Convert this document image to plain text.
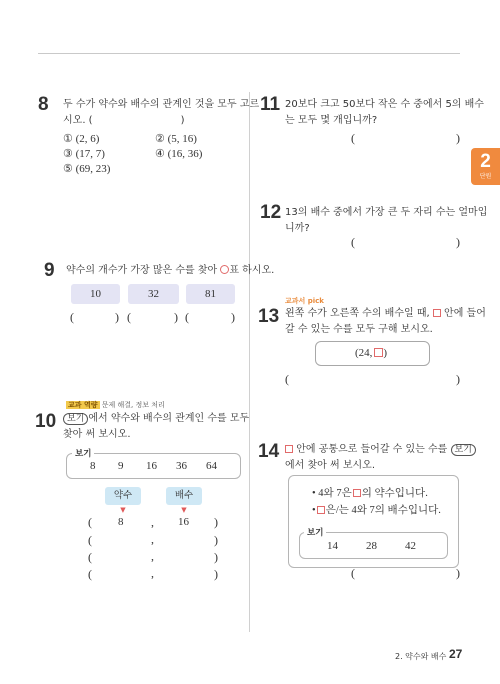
2
단원
8 두 수가 약수와 배수의 관계인 것을 모두 고르
시오. (	)
① (2, 6)	② (5, 16)
③ (17, 7)	④ (16, 36)
⑤ (69, 23)
9 약수의 개수가 가장 많은 수를 찾아 ○표 하시오.
10	32	81
(	) (	) (	)
교과 역량 문제 해결, 정보 처리
10	보기 에서 약수와 배수의 관계인 수를 모두
찾아 써 보시오.
보기
8 9 16 36 64
약수	배수
▼	▼
( 8 , 16 )
(	,	)
(	,	)
(	,	)
11 20보다 크고 50보다 작은 수 중에서 5의 배수
는 모두 몇 개입니까?
(	)
12 13의 배수 중에서 가장 큰 두 자리 수는 얼마입
니까?
(	)
교과서 pick
13 왼쪽 수가 오른쪽 수의 배수일 때, 안에 들어
갈 수 있는 수를 모두 구해 보시오.
(24, )
(	)
14	안에 공통으로 들어갈 수 있는 수를 보기
에서 찾아 써 보시오.
• 4와 7은 의 약수입니다.
• 은/는 4와 7의 배수입니다.
보기
14	28	42
(	)
2. 약수와 배수 27
